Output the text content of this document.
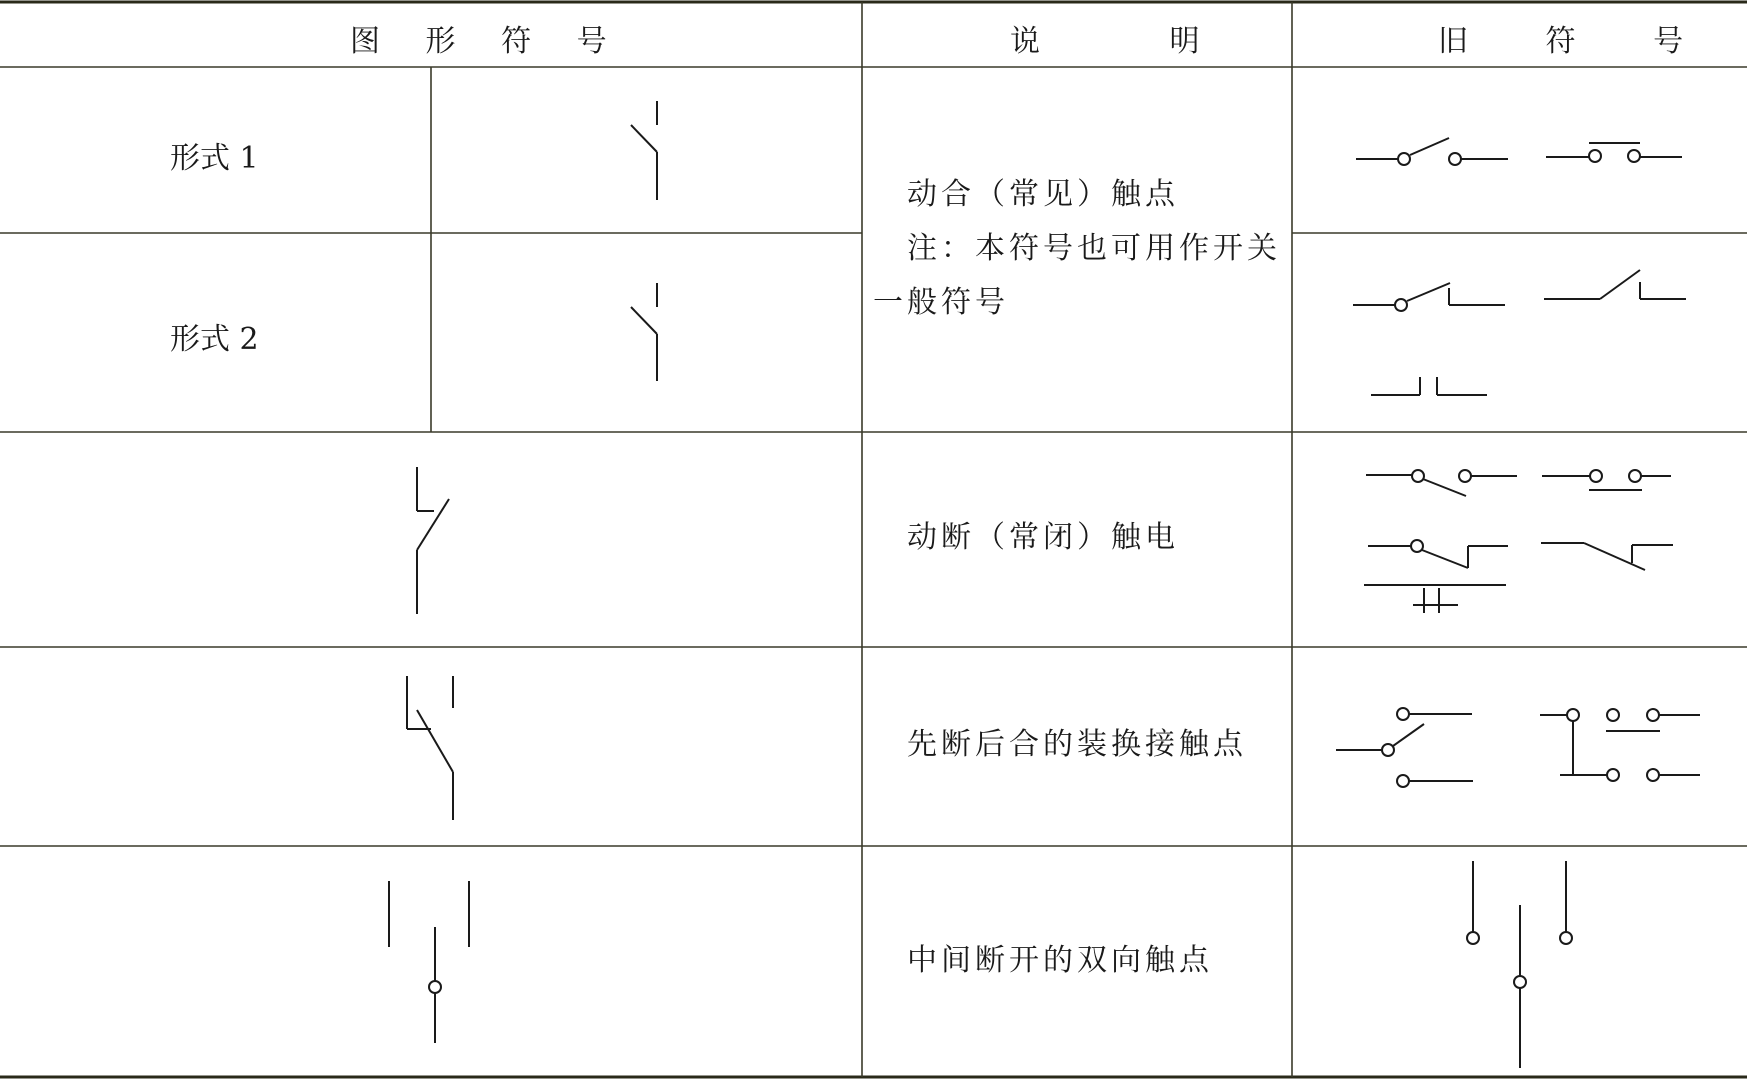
图 形 符 号	说 明	旧 符 号
形式 1
形式 2
动合（常见）触点
注：本符号也可用作开关
一般符号
动断（常闭）触电
先断后合的装换接触点
中间断开的双向触点
